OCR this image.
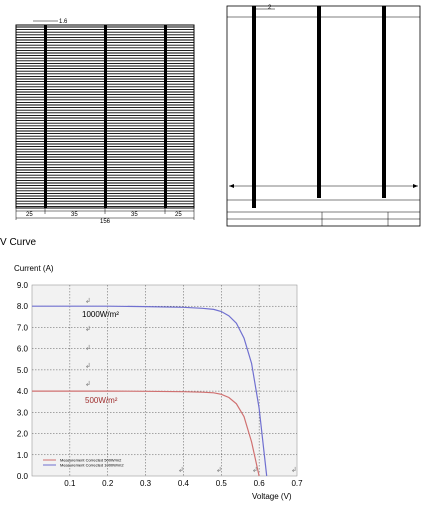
1.6
25	35	35	25
156
2
V Curve
Current (A)
0.0
1.0
2.0
3.0
4.0
5.0
6.0
7.0
8.0
9.0
0.1	0.2	0.3	0.4	0.5	0.6	0.7
↲
↲
↲
↲
↲
↲	↲	↲	↲
1000W/m²
500W/m²
Measurement Corrected 500W/m2
Measurement Corrected 1000W/m2
Voltage (V)
